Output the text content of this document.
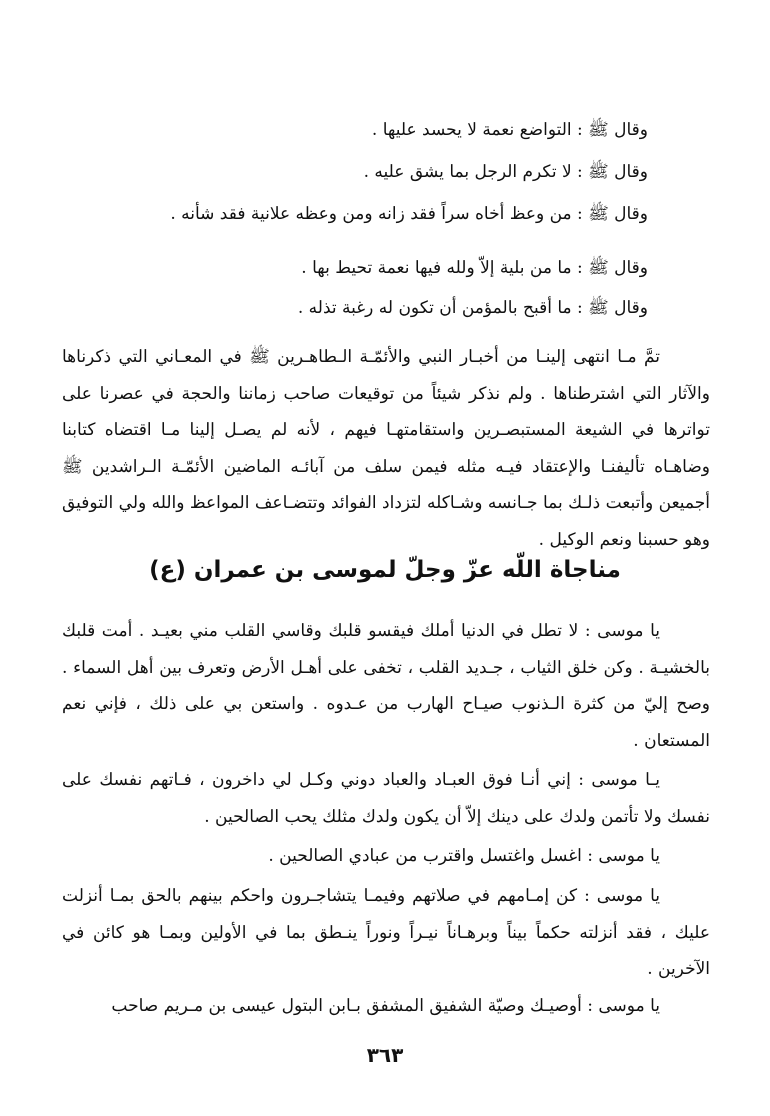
وقال ﷺ : التواضع نعمة لا يحسد عليها .
وقال ﷺ : لا تكرم الرجل بما يشق عليه .
وقال ﷺ : من وعظ أخاه سراً فقد زانه ومن وعظه علانية فقد شأنه .
وقال ﷺ : ما من بلية إلاّ ولله فيها نعمة تحيط بها .
وقال ﷺ : ما أقبح بالمؤمن أن تكون له رغبة تذله .
تمَّ مـا انتهى إلينـا من أخبـار النبي والأئمّـة الـطاهـرين ﷺ في المعـاني التي ذكرناها والآثار التي اشترطناها . ولم نذكر شيئاً من توقيعات صاحب زماننا والحجة في عصرنا على تواترها في الشيعة المستبصـرين واستقامتهـا فيهم ، لأنه لم يصـل إلينا مـا اقتضاه كتابنا وضاهـاه تأليفنـا والإعتقاد فيـه مثله فيمن سلف من آبائـه الماضين الأئمّـة الـراشدين ﷺ أجميعن وأتبعت ذلـك بما جـانسه وشـاكله لتزداد الفوائد وتتضـاعف المواعظ والله ولي التوفيق وهو حسبنا ونعم الوكيل .
مناجاة اللّه عزّ وجلّ لموسى بن عمران (ع)
يا موسى : لا تطل في الدنيا أملك فيقسو قلبك وقاسي القلب مني بعيـد . أمت قلبك بالخشيـة . وكن خلق الثياب ، جـديد القلب ، تخفى على أهـل الأرض وتعرف بين أهل السماء . وصح إليّ من كثرة الـذنوب صيـاح الهارب من عـدوه . واستعن بي على ذلك ، فإني نعم المستعان .
يـا موسى : إني أنـا فوق العبـاد والعباد دوني وكـل لي داخرون ، فـاتهم نفسك على نفسك ولا تأتمن ولدك على دينك إلاّ أن يكون ولدك مثلك يحب الصالحين .
يا موسى : اغسل واغتسل واقترب من عبادي الصالحين .
يا موسى : كن إمـامهم في صلاتهم وفيمـا يتشاجـرون واحكم بينهم بالحق بمـا أنزلت عليك ، فقد أنزلته حكماً بيناً وبرهـاناً نيـراً ونوراً ينـطق بما في الأولين وبمـا هو كائن في الآخرين .
يا موسى : أوصيـك وصيّة الشفيق المشفق بـابن البتول عيسى بن مـريم صاحب
٣٦٣
